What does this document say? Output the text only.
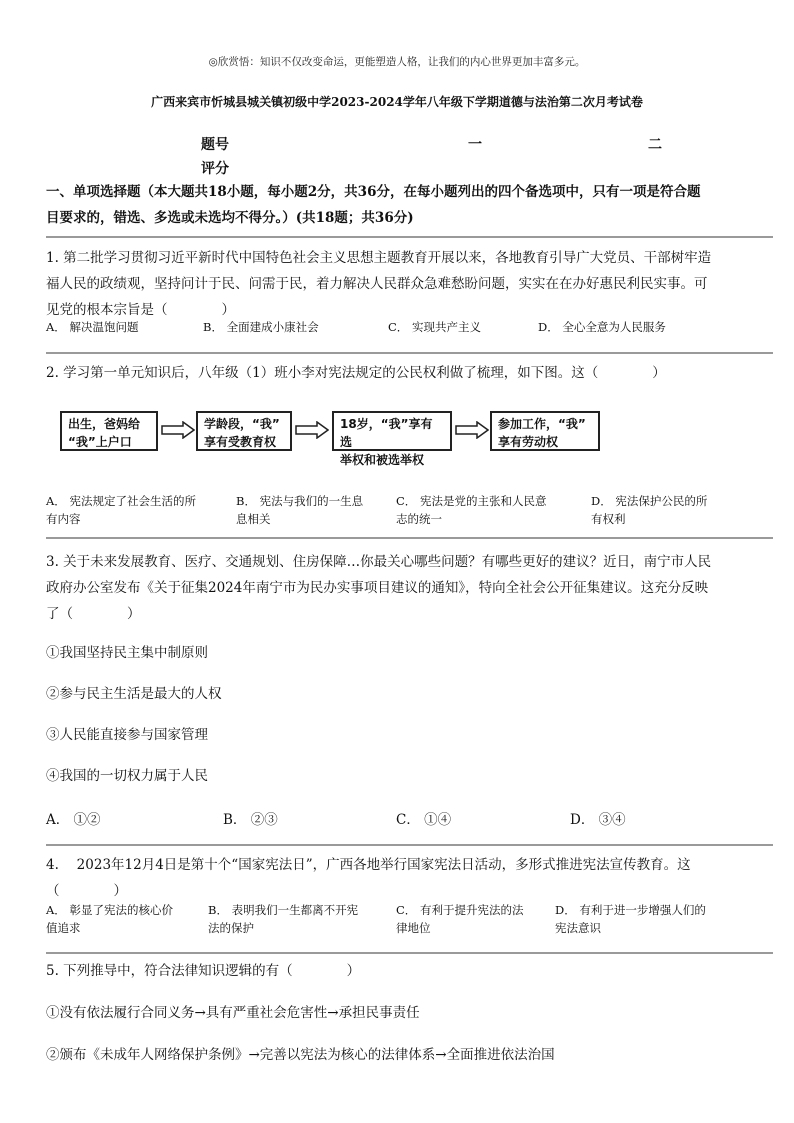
◎欣赏悟：知识不仅改变命运，更能塑造人格，让我们的内心世界更加丰富多元。
广西来宾市忻城县城关镇初级中学2023-2024学年八年级下学期道德与法治第二次月考试卷
题号	一	二
评分
一、单项选择题（本大题共18小题，每小题2分，共36分，在每小题列出的四个备选项中，只有一项是符合题
目要求的，错选、多选或未选均不得分。）(共18题；共36分)
1. 第二批学习贯彻习近平新时代中国特色社会主义思想主题教育开展以来，各地教育引导广大党员、干部树牢造
福人民的政绩观，坚持问计于民、问需于民，着力解决人民群众急难愁盼问题，实实在在办好惠民利民实事。可
见党的根本宗旨是（　　　　）
A． 解决温饱问题	B． 全面建成小康社会	C． 实现共产主义	D． 全心全意为人民服务
2. 学习第一单元知识后，八年级（1）班小李对宪法规定的公民权利做了梳理，如下图。这（　　　　）
出生，爸妈给
“我”上户口
学龄段，“我”
享有受教育权
18岁，“我”享有选
举权和被选举权
参加工作，“我”
享有劳动权
A． 宪法规定了社会生活的所
有内容
B． 宪法与我们的一生息
息相关
C． 宪法是党的主张和人民意
志的统一
D． 宪法保护公民的所
有权利
3. 关于未来发展教育、医疗、交通规划、住房保障…你最关心哪些问题？有哪些更好的建议？近日，南宁市人民
政府办公室发布《关于征集2024年南宁市为民办实事项目建议的通知》，特向全社会公开征集建议。这充分反映
了（　　　　）
①我国坚持民主集中制原则
②参与民主生活是最大的人权
③人民能直接参与国家管理
④我国的一切权力属于人民
A． ①②	B． ②③	C． ①④	D． ③④
4. 　2023年12月4日是第十个“国家宪法日”，广西各地举行国家宪法日活动，多形式推进宪法宣传教育。这
（　　　　）
A． 彰显了宪法的核心价
值追求
B． 表明我们一生都离不开宪
法的保护
C． 有利于提升宪法的法
律地位
D． 有利于进一步增强人们的
宪法意识
5. 下列推导中，符合法律知识逻辑的有（　　　　）
①没有依法履行合同义务→具有严重社会危害性→承担民事责任
②颁布《未成年人网络保护条例》→完善以宪法为核心的法律体系→全面推进依法治国
